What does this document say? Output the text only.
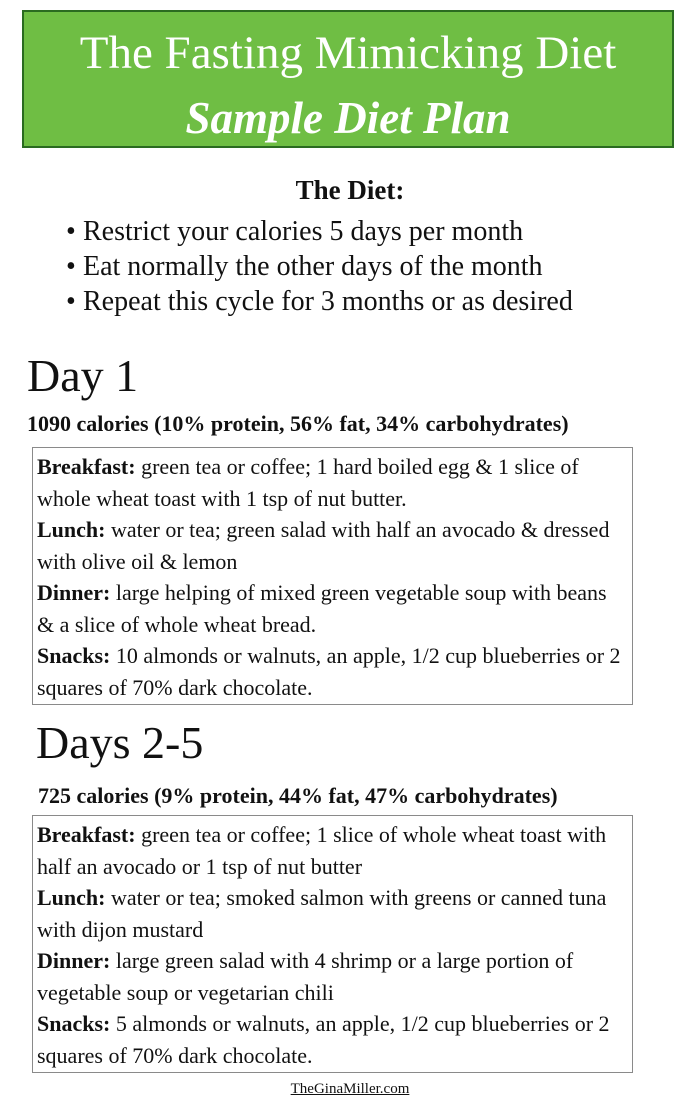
The Fasting Mimicking Diet
Sample Diet Plan
The Diet:
• Restrict your calories 5 days per month
• Eat normally the other days of the month
• Repeat this cycle for 3 months or as desired
Day 1
1090 calories (10% protein, 56% fat, 34% carbohydrates)
Breakfast: green tea or coffee; 1 hard boiled egg & 1 slice of whole wheat toast with 1 tsp of nut butter.
Lunch: water or tea; green salad with half an avocado & dressed with olive oil & lemon
Dinner: large helping of mixed green vegetable soup with beans & a slice of whole wheat bread.
Snacks: 10 almonds or walnuts, an apple, 1/2 cup blueberries or 2 squares of 70% dark chocolate.
Days 2-5
725 calories (9% protein, 44% fat, 47% carbohydrates)
Breakfast: green tea or coffee; 1 slice of whole wheat toast with half an avocado or 1 tsp of nut butter
Lunch: water or tea; smoked salmon with greens or canned tuna with dijon mustard
Dinner: large green salad with 4 shrimp or a large portion of vegetable soup or vegetarian chili
Snacks: 5 almonds or walnuts, an apple, 1/2 cup blueberries or 2 squares of 70% dark chocolate.
TheGinaMiller.com
